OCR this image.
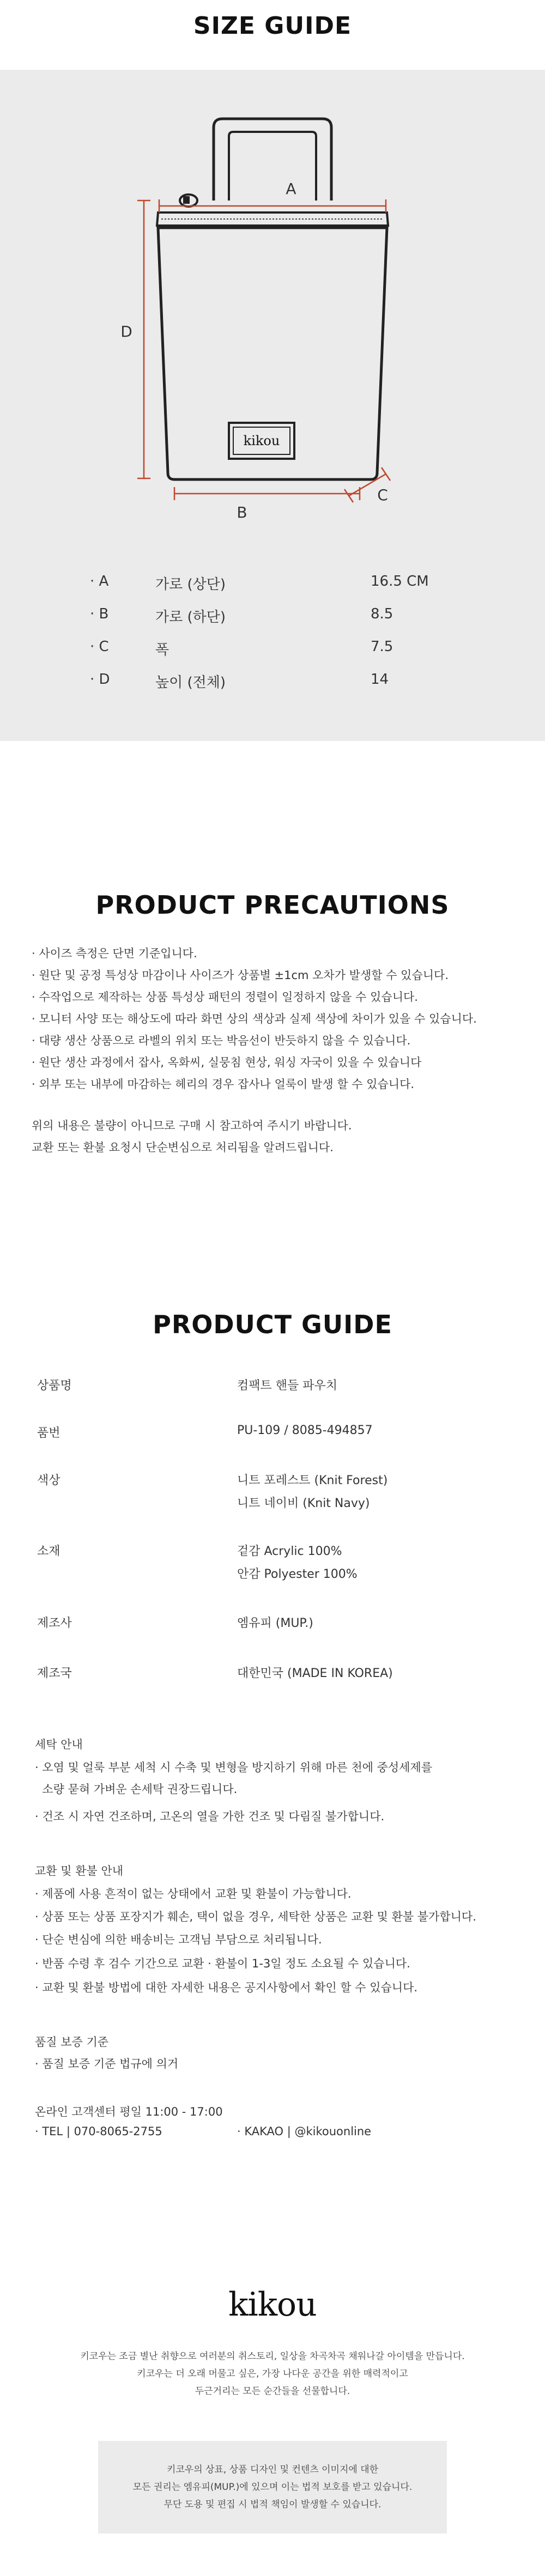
SIZE GUIDE
kikou
A
D
B
C
· A	가로 (상단)	16.5 CM
· B	가로 (하단)	8.5
· C	폭	7.5
· D	높이 (전체)	14
PRODUCT PRECAUTIONS
· 사이즈 측정은 단면 기준입니다.
· 원단 및 공정 특성상 마감이나 사이즈가 상품별 ±1cm 오차가 발생할 수 있습니다.
· 수작업으로 제작하는 상품 특성상 패턴의 정렬이 일정하지 않을 수 있습니다.
· 모니터 사양 또는 해상도에 따라 화면 상의 색상과 실제 색상에 차이가 있을 수 있습니다.
· 대량 생산 상품으로 라벨의 위치 또는 박음선이 반듯하지 않을 수 있습니다.
· 원단 생산 과정에서 잡사, 옥화씨, 실뭉침 현상, 워싱 자국이 있을 수 있습니다
· 외부 또는 내부에 마감하는 헤리의 경우 잡사나 얼룩이 발생 할 수 있습니다.
위의 내용은 불량이 아니므로 구매 시 참고하여 주시기 바랍니다.
교환 또는 환불 요청시 단순변심으로 처리됨을 알려드립니다.
PRODUCT GUIDE
상품명	컴팩트 핸들 파우치
품번	PU-109 / 8085-494857
색상	니트 포레스트 (Knit Forest)
니트 네이비 (Knit Navy)
소재	겉감 Acrylic 100%
안감 Polyester 100%
제조사	엠유피 (MUP.)
제조국	대한민국 (MADE IN KOREA)
세탁 안내
· 오염 및 얼룩 부분 세척 시 수축 및 변형을 방지하기 위해 마른 천에 중성세제를
소량 묻혀 가벼운 손세탁 권장드립니다.
· 건조 시 자연 건조하며, 고온의 열을 가한 건조 및 다림질 불가합니다.
교환 및 환불 안내
· 제품에 사용 흔적이 없는 상태에서 교환 및 환불이 가능합니다.
· 상품 또는 상품 포장지가 훼손, 택이 없을 경우, 세탁한 상품은 교환 및 환불 불가합니다.
· 단순 변심에 의한 배송비는 고객님 부담으로 처리됩니다.
· 반품 수령 후 검수 기간으로 교환 · 환불이 1-3일 정도 소요될 수 있습니다.
· 교환 및 환불 방법에 대한 자세한 내용은 공지사항에서 확인 할 수 있습니다.
품질 보증 기준
· 품질 보증 기준 법규에 의거
온라인 고객센터 평일 11:00 - 17:00
· TEL | 070-8065-2755	· KAKAO | @kikouonline
kikou
키코우는 조금 별난 취향으로 여러분의 취스토리, 일상을 차곡차곡 채워나갈 아이템을 만듭니다.
키코우는 더 오래 머물고 싶은, 가장 나다운 공간을 위한 매력적이고
두근거리는 모든 순간들을 선물합니다.
키코우의 상표, 상품 디자인 및 컨텐츠 이미지에 대한
모든 권리는 엠유피(MUP.)에 있으며 이는 법적 보호를 받고 있습니다.
무단 도용 및 편집 시 법적 책임이 발생할 수 있습니다.
